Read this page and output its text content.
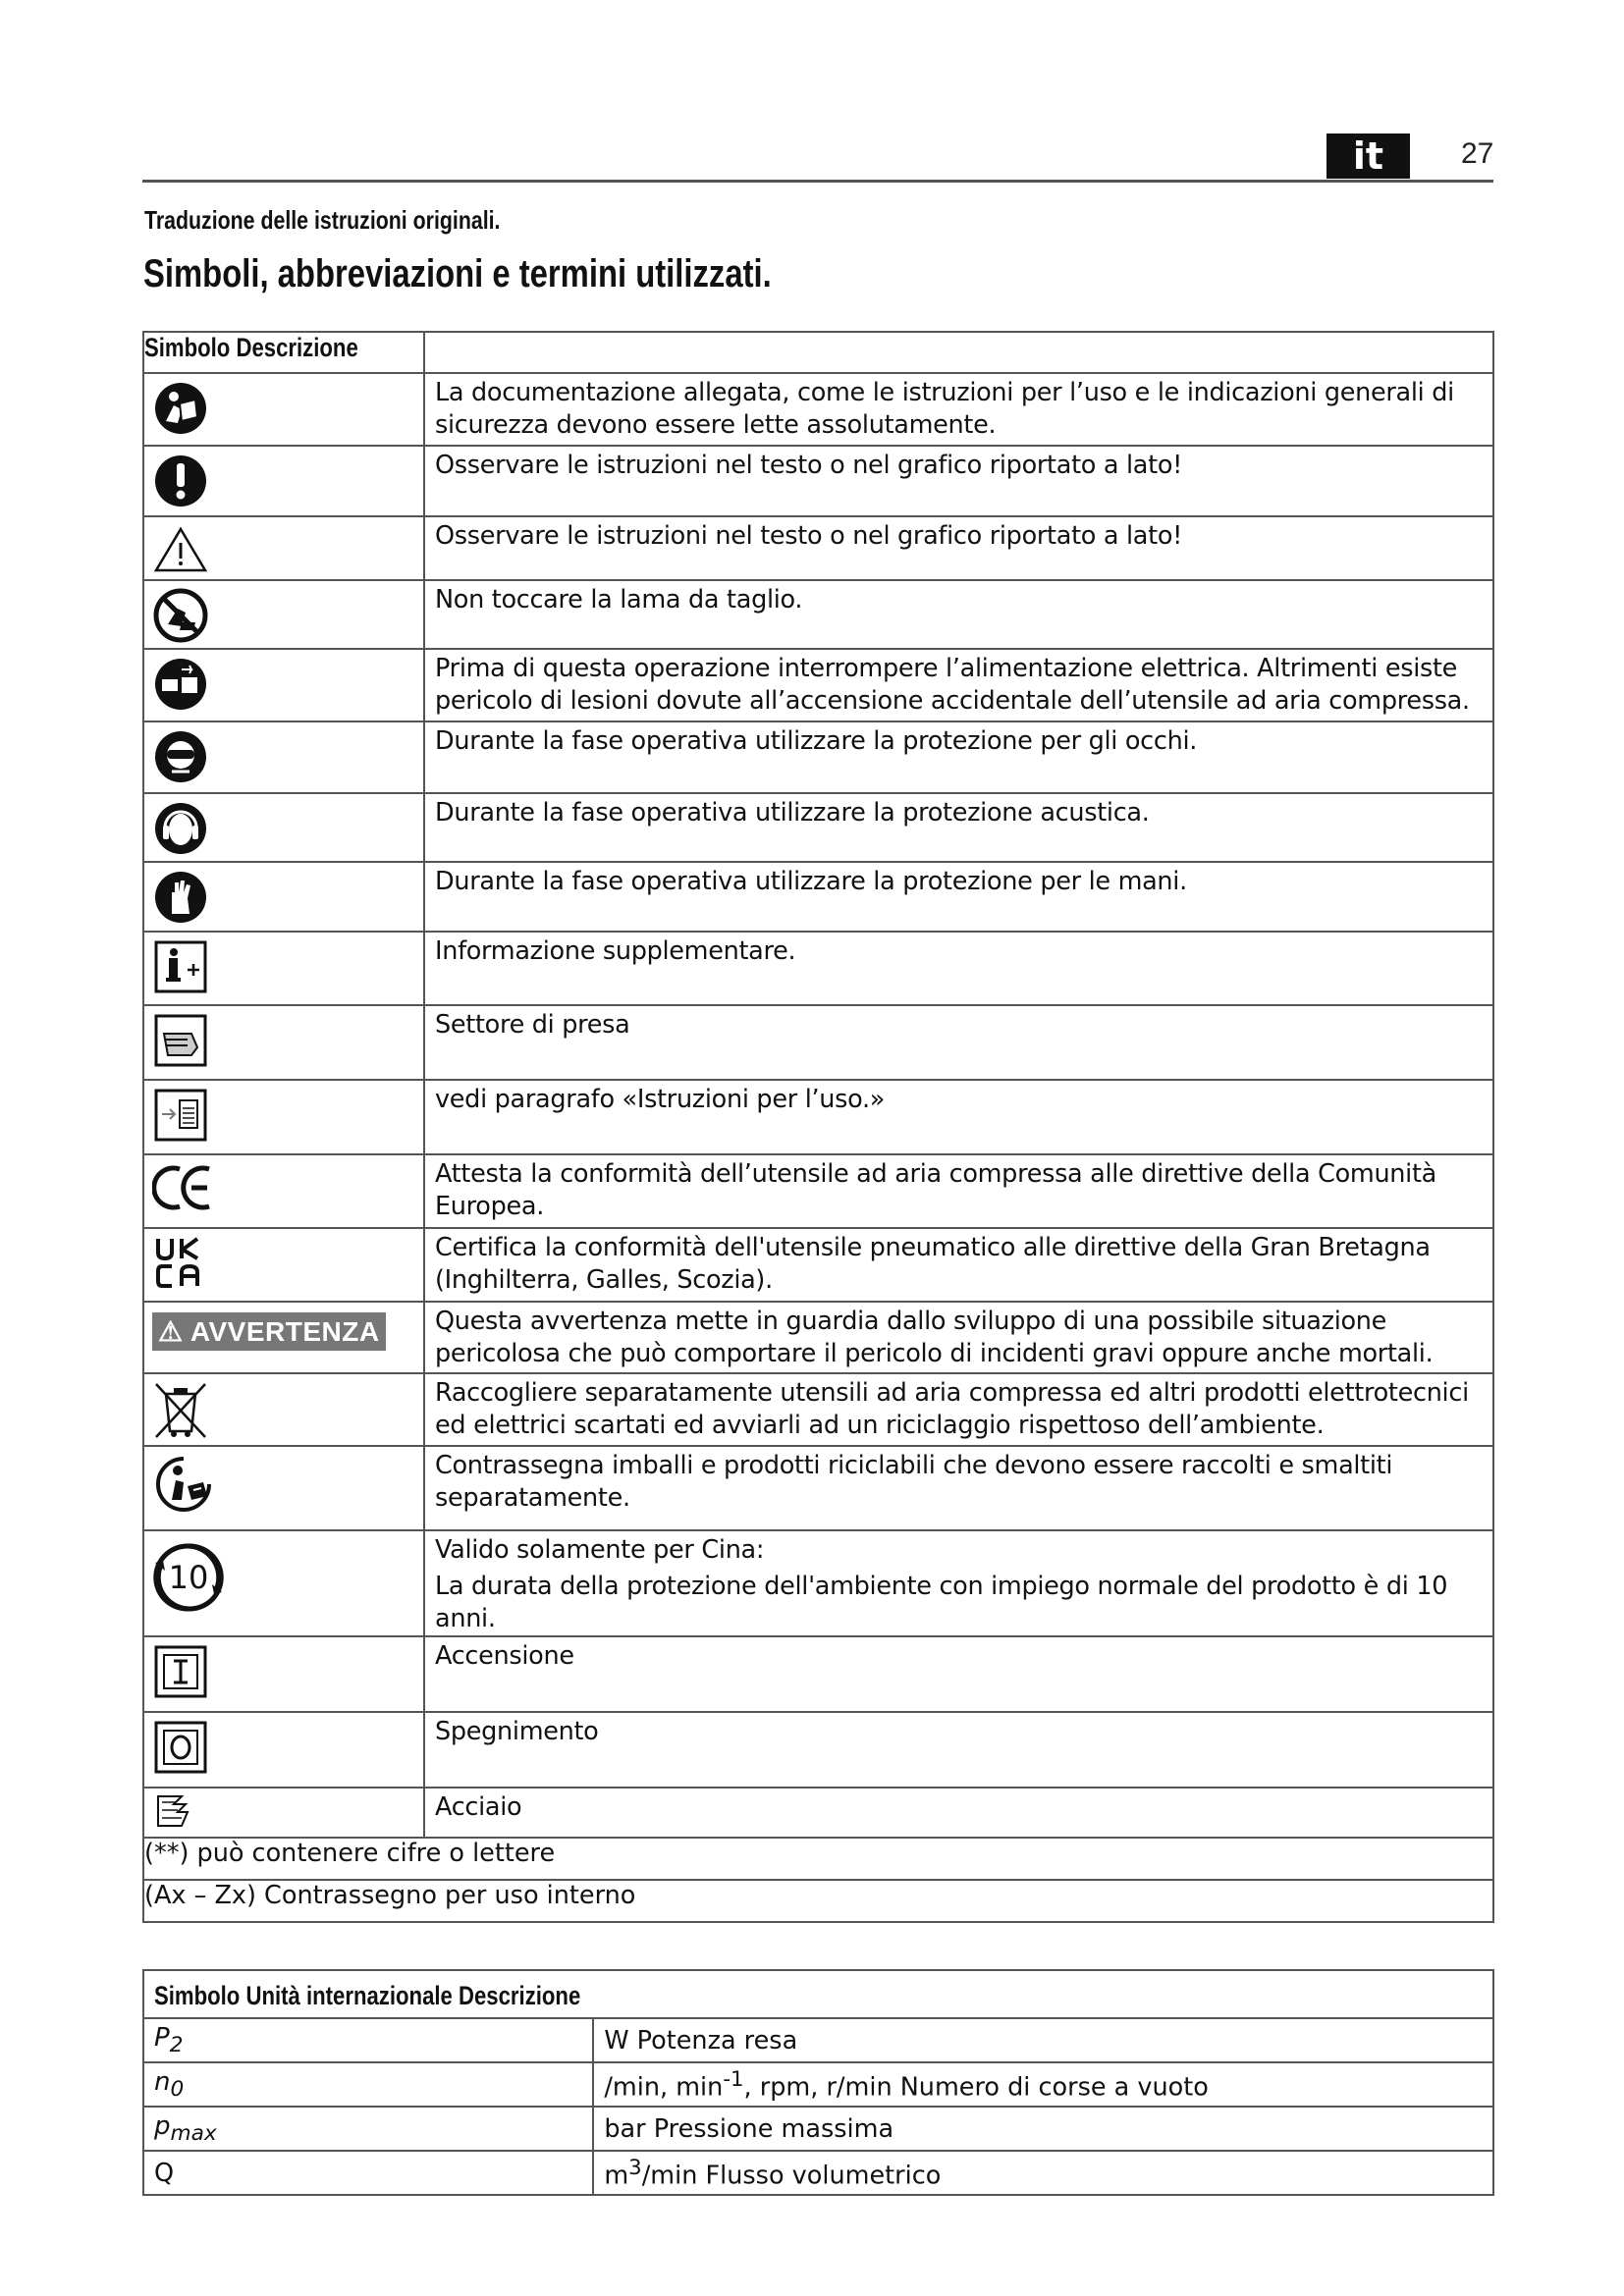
it	27
Traduzione delle istruzioni originali.
Simboli, abbreviazioni e termini utilizzati.
Simbolo Descrizione	

	La documentazione allegata, come le istruzioni per l’uso e le indicazioni generali di sicurezza devono essere lette assolutamente.

	Osservare le istruzioni nel testo o nel grafico riportato a lato!

	Osservare le istruzioni nel testo o nel grafico riportato a lato!

	Non toccare la lama da taglio.

	Prima di questa operazione interrompere l’alimentazione elettrica. Altrimenti esiste pericolo di lesioni dovute all’accensione accidentale dell’utensile ad aria compressa.

	Durante la fase operativa utilizzare la protezione per gli occhi.

	Durante la fase operativa utilizzare la protezione acustica.

	Durante la fase operativa utilizzare la protezione per le mani.

	Informazione supplementare.

	Settore di presa

	vedi paragrafo «Istruzioni per l’uso.»

	Attesta la conformità dell’utensile ad aria compressa alle direttive della Comunità Europea.

	Certifica la conformità dell'utensile pneumatico alle direttive della Gran Bretagna (Inghilterra, Galles, Scozia).
⚠ AVVERTENZA	Questa avvertenza mette in guardia dallo sviluppo di una possibile situazione pericolosa che può comportare il pericolo di incidenti gravi oppure anche mortali.

	Raccogliere separatamente utensili ad aria compressa ed altri prodotti elettrotecnici ed elettrici scartati ed avviarli ad un riciclaggio rispettoso dell’ambiente.

	Contrassegna imballi e prodotti riciclabili che devono essere raccolti e smaltiti separatamente.

10	Valido solamente per Cina:
La durata della protezione dell'ambiente con impiego normale del prodotto è di 10 anni.

	Accensione

	Spegnimento

	Acciaio
(**) può contenere cifre o lettere	
(Ax – Zx) Contrassegno per uso interno	
Simbolo Unità internazionale Descrizione	
$P_2$	W Potenza resa
$n_0$	/min, $\min^{-1}$, rpm, r/min Numero di corse a vuoto
$p_{max}$	bar Pressione massima
Q	$m^3/\min$ Flusso volumetrico
